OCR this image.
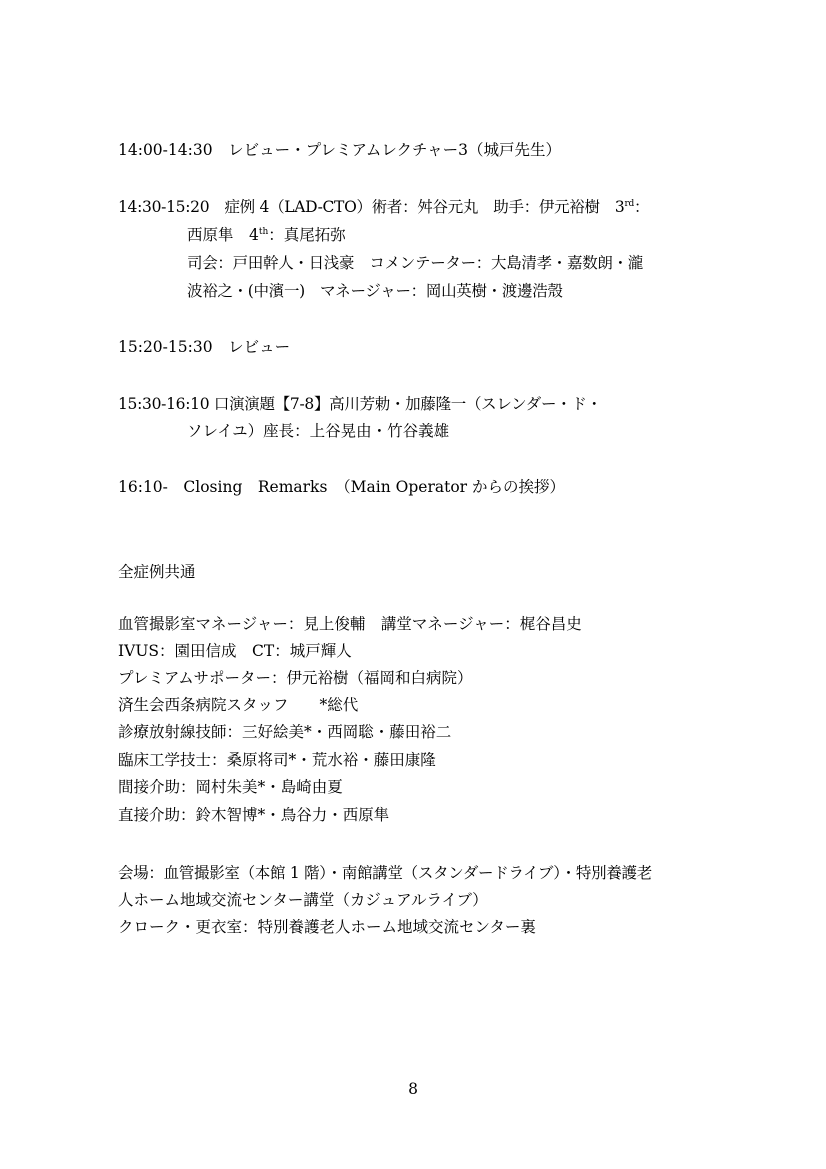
14:00-14:30　レビュー・プレミアムレクチャー3（城戸先生）
14:30-15:20　症例 4（LAD-CTO）術者：舛谷元丸　助手：伊元裕樹　3rd：
西原隼　4th：真尾拓弥
司会：戸田幹人・日浅豪　コメンテーター：大島清孝・嘉数朗・瀧
波裕之・(中濱一)　マネージャー：岡山英樹・渡邊浩殼
15:20-15:30　レビュー
15:30-16:10 口演演題【7-8】高川芳勅・加藤隆一（スレンダー・ド・
ソレイユ）座長：上谷晃由・竹谷義雄
16:10-　Closing　Remarks　（Main Operator からの挨拶）
全症例共通
血管撮影室マネージャー：見上俊輔　講堂マネージャー：梶谷昌史
IVUS：園田信成　CT：城戸輝人
プレミアムサポーター：伊元裕樹（福岡和白病院）
済生会西条病院スタッフ　　*総代
診療放射線技師：三好絵美*・西岡聡・藤田裕二
臨床工学技士：桑原将司*・荒水裕・藤田康隆
間接介助：岡村朱美*・島崎由夏
直接介助：鈴木智博*・鳥谷力・西原隼
会場：血管撮影室（本館 1 階）・南館講堂（スタンダードライブ）・特別養護老
人ホーム地域交流センター講堂（カジュアルライブ）
クローク・更衣室：特別養護老人ホーム地域交流センター裏
8
